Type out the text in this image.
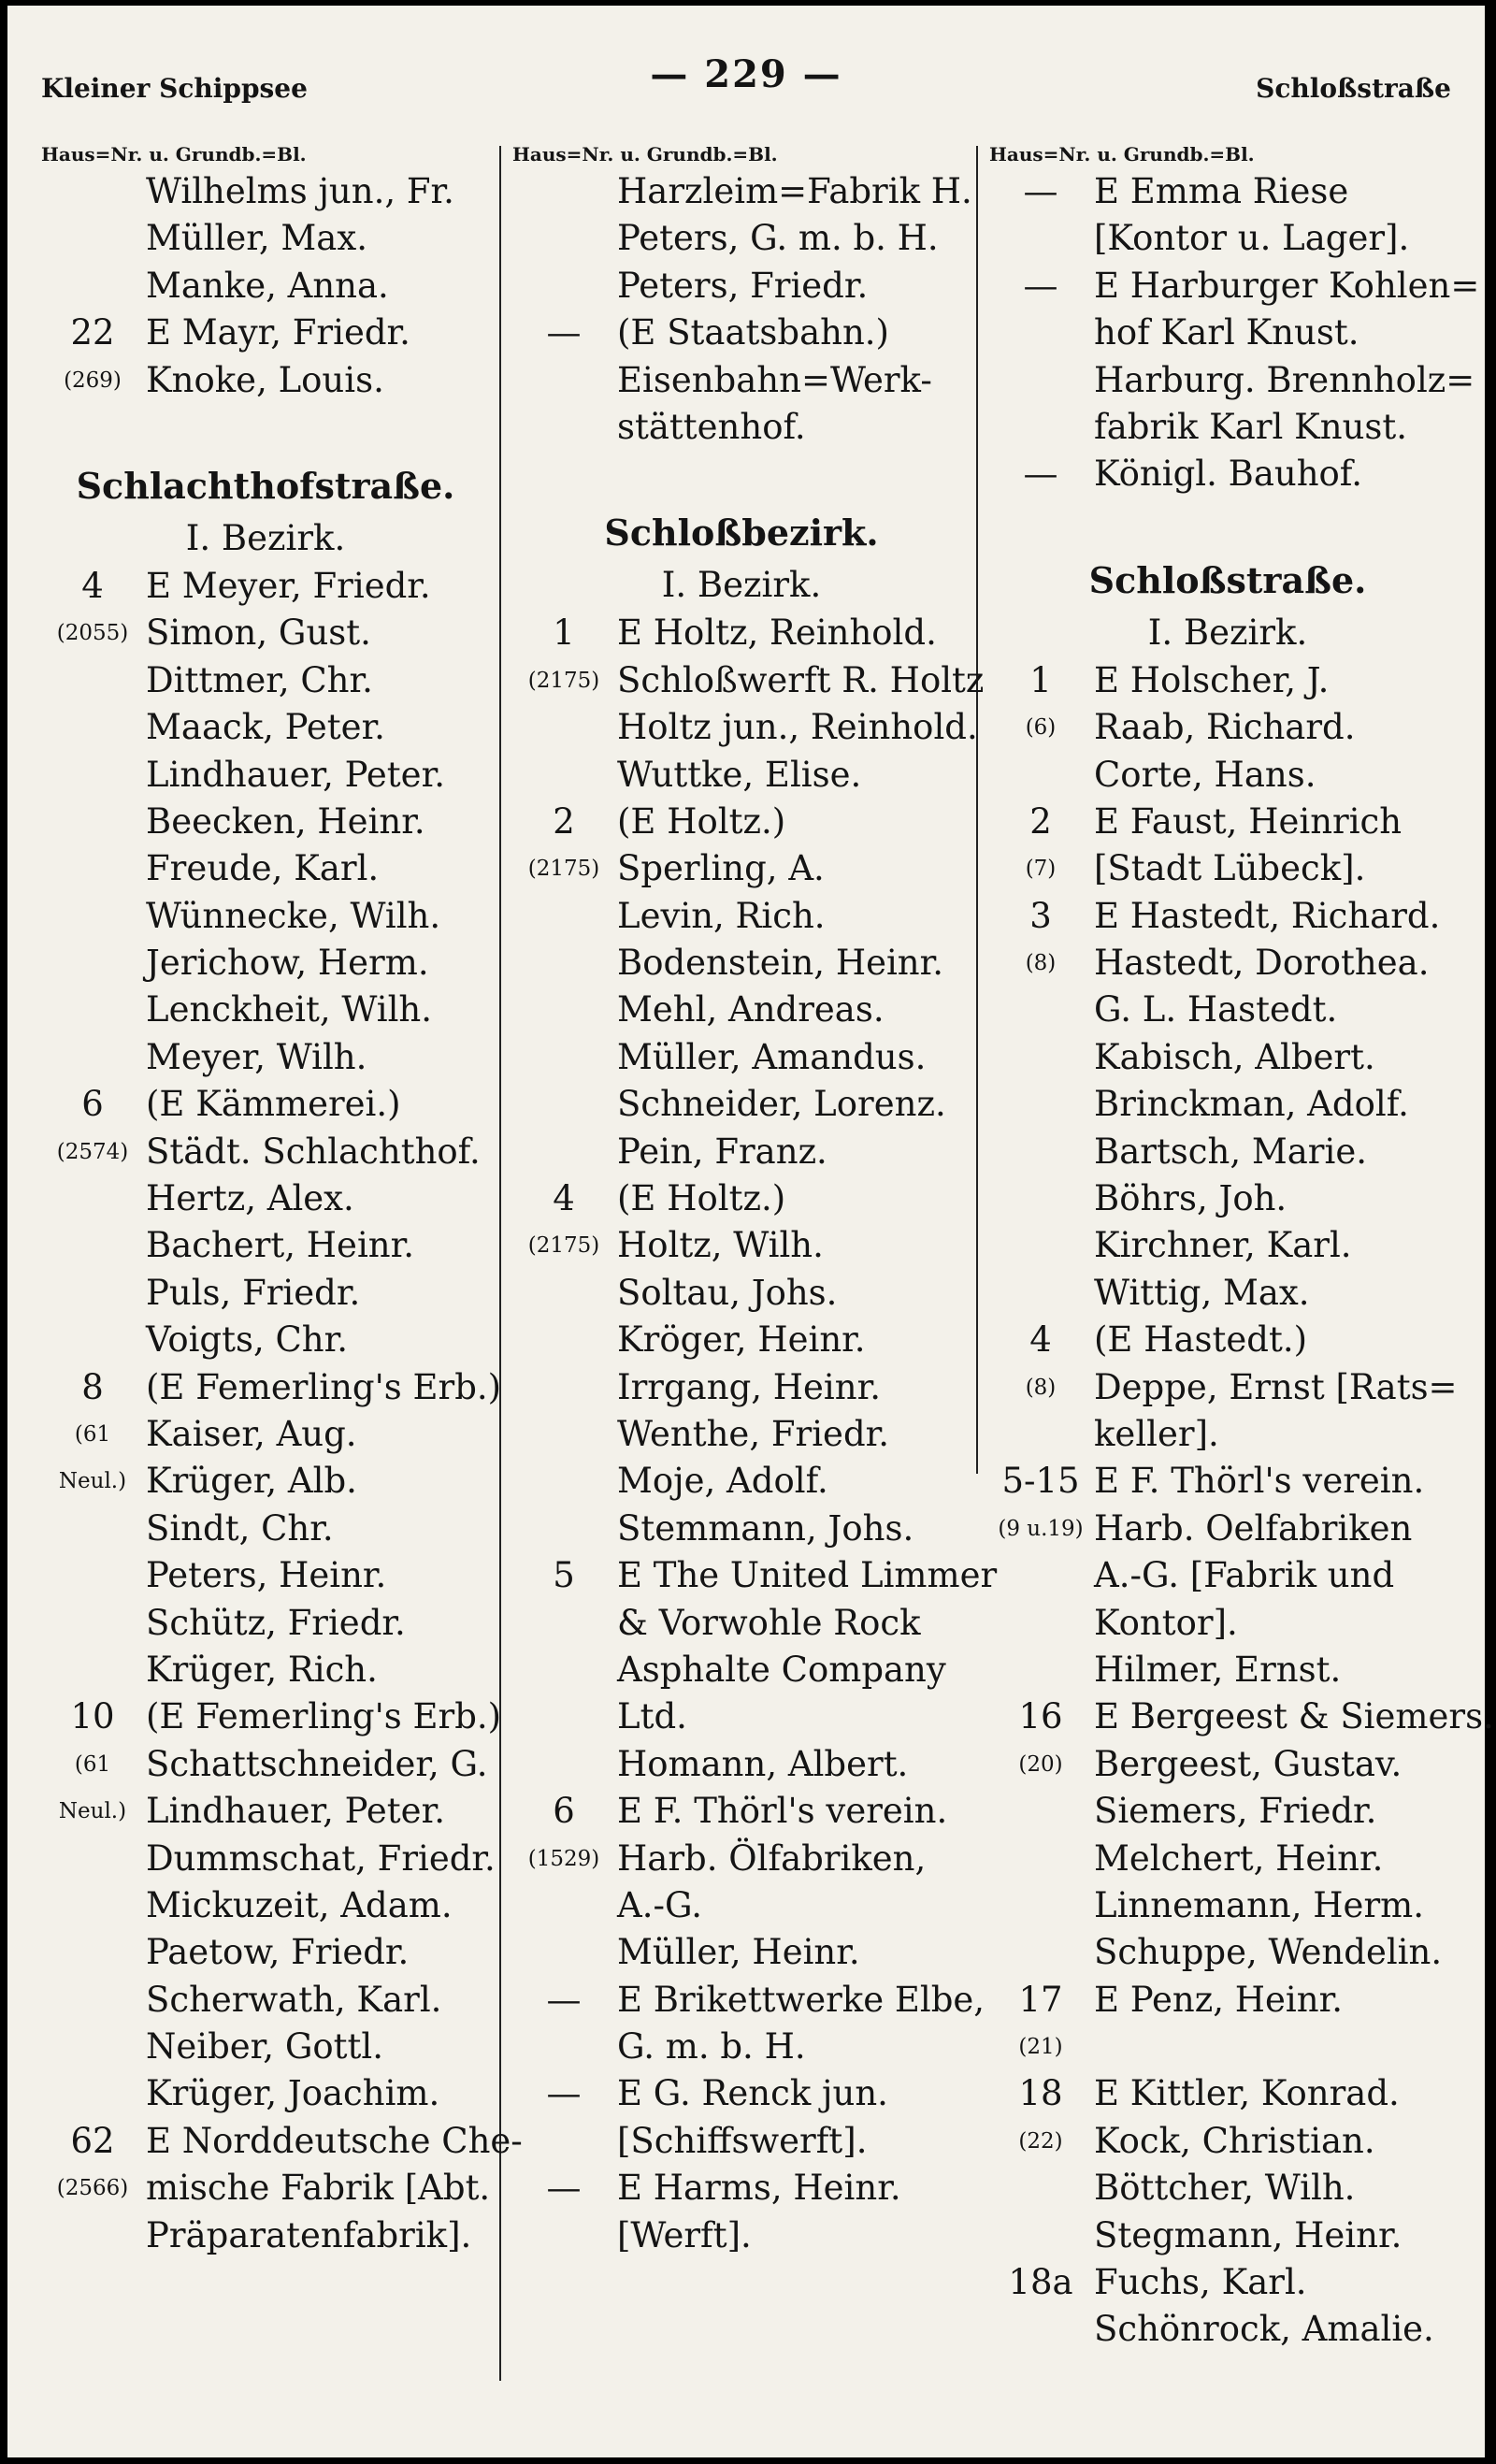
Kleiner Schippsee	— 229 —	Schloßstraße
Haus=Nr. u. Grundb.=Bl.
Wilhelms jun., Fr.
Müller, Max.
Manke, Anna.
22 E Mayr, Friedr.
(269) Knoke, Louis.
Schlachthofstraße.
I. Bezirk.
4	E Meyer, Friedr.
(2055) Simon, Gust.
Dittmer, Chr.
Maack, Peter.
Lindhauer, Peter.
Beecken, Heinr.
Freude, Karl.
Wünnecke, Wilh.
Jerichow, Herm.
Lenckheit, Wilh.
Meyer, Wilh.
6	(E Kämmerei.)
(2574) Städt. Schlachthof.
Hertz, Alex.
Bachert, Heinr.
Puls, Friedr.
Voigts, Chr.
8	(E Femerling's Erb.)
(61	Kaiser, Aug.
Neul.) Krüger, Alb.
Sindt, Chr.
Peters, Heinr.
Schütz, Friedr.
Krüger, Rich.
10 (E Femerling's Erb.)
(61	Schattschneider, G.
Neul.) Lindhauer, Peter.
Dummschat, Friedr.
Mickuzeit, Adam.
Paetow, Friedr.
Scherwath, Karl.
Neiber, Gottl.
Krüger, Joachim.
62 E Norddeutsche Che-
(2566) mische Fabrik [Abt.
Präparatenfabrik].
Haus=Nr. u. Grundb.=Bl.
Harzleim=Fabrik H.
Peters, G. m. b. H.
Peters, Friedr.
—	(E Staatsbahn.)
Eisenbahn=Werk-
stättenhof.
Schloßbezirk.
I. Bezirk.
1	E Holtz, Reinhold.
(2175) Schloßwerft R. Holtz
Holtz jun., Reinhold.
Wuttke, Elise.
2	(E Holtz.)
(2175) Sperling, A.
Levin, Rich.
Bodenstein, Heinr.
Mehl, Andreas.
Müller, Amandus.
Schneider, Lorenz.
Pein, Franz.
4	(E Holtz.)
(2175) Holtz, Wilh.
Soltau, Johs.
Kröger, Heinr.
Irrgang, Heinr.
Wenthe, Friedr.
Moje, Adolf.
Stemmann, Johs.
5	E The United Limmer
& Vorwohle Rock
Asphalte Company
Ltd.
Homann, Albert.
6	E F. Thörl's verein.
(1529) Harb. Ölfabriken,
A.-G.
Müller, Heinr.
—	E Brikettwerke Elbe,
G. m. b. H.
—	E G. Renck jun.
[Schiffswerft].
—	E Harms, Heinr.
[Werft].
Haus=Nr. u. Grundb.=Bl.
—	E Emma Riese
[Kontor u. Lager].
—	E Harburger Kohlen=
hof Karl Knust.
Harburg. Brennholz=
fabrik Karl Knust.
—	Königl. Bauhof.
Schloßstraße.
I. Bezirk.
1	E Holscher, J.
(6)	Raab, Richard.
Corte, Hans.
2	E Faust, Heinrich
(7)	[Stadt Lübeck].
3	E Hastedt, Richard.
(8)	Hastedt, Dorothea.
G. L. Hastedt.
Kabisch, Albert.
Brinckman, Adolf.
Bartsch, Marie.
Böhrs, Joh.
Kirchner, Karl.
Wittig, Max.
4	(E Hastedt.)
(8)	Deppe, Ernst [Rats=
keller].
5-15 E F. Thörl's verein.
(9 u.19) Harb. Oelfabriken
A.-G. [Fabrik und
Kontor].
Hilmer, Ernst.
16 E Bergeest & Siemers.
(20) Bergeest, Gustav.
Siemers, Friedr.
Melchert, Heinr.
Linnemann, Herm.
Schuppe, Wendelin.
17 E Penz, Heinr.
(21)
18 E Kittler, Konrad.
(22) Kock, Christian.
Böttcher, Wilh.
Stegmann, Heinr.
18a Fuchs, Karl.
Schönrock, Amalie.
